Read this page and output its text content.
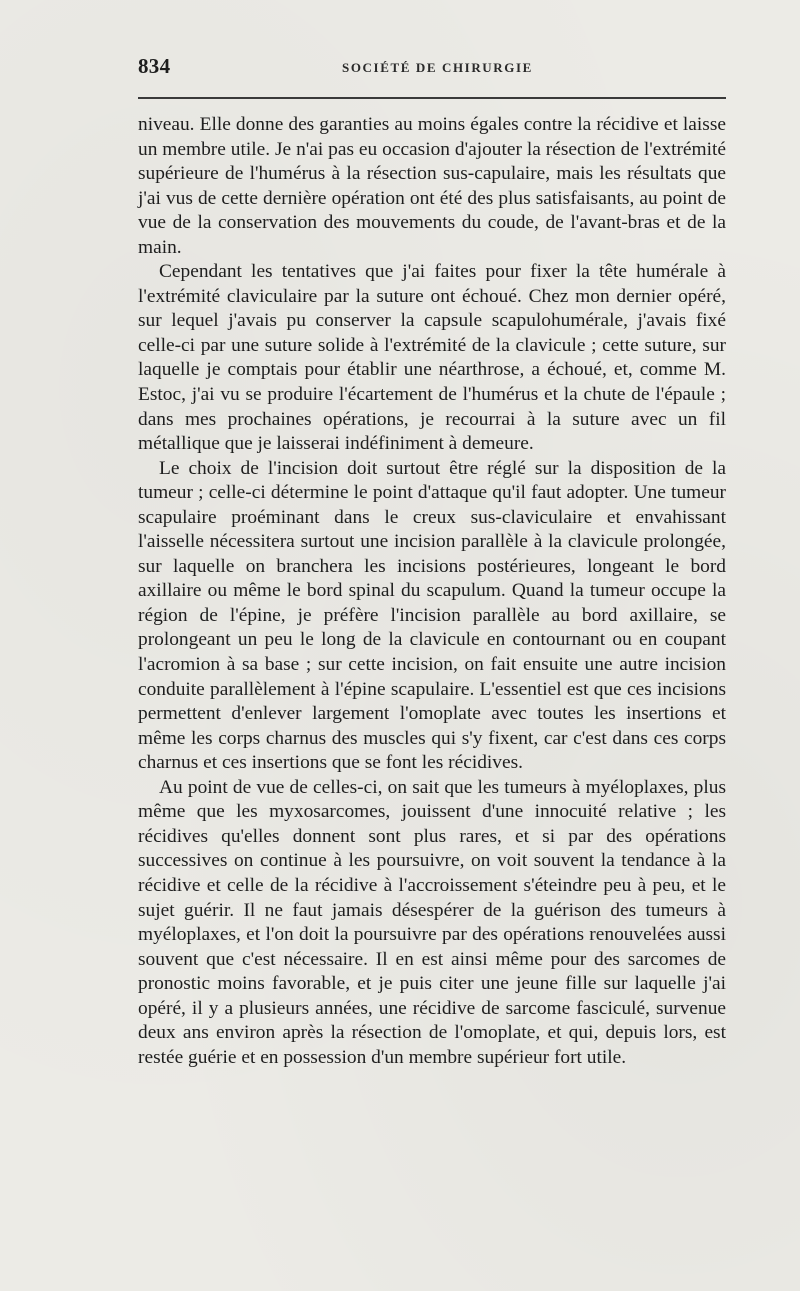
834	SOCIÉTÉ DE CHIRURGIE

niveau. Elle donne des garanties au moins égales contre la récidive et laisse un membre utile. Je n'ai pas eu occasion d'ajouter la résection de l'extrémité supérieure de l'humérus à la résection sus-capulaire, mais les résultats que j'ai vus de cette dernière opération ont été des plus satisfaisants, au point de vue de la conservation des mouvements du coude, de l'avant-bras et de la main.

Cependant les tentatives que j'ai faites pour fixer la tête humérale à l'extrémité claviculaire par la suture ont échoué. Chez mon dernier opéré, sur lequel j'avais pu conserver la capsule scapulohumérale, j'avais fixé celle-ci par une suture solide à l'extrémité de la clavicule ; cette suture, sur laquelle je comptais pour établir une néarthrose, a échoué, et, comme M. Estoc, j'ai vu se produire l'écartement de l'humérus et la chute de l'épaule ; dans mes prochaines opérations, je recourrai à la suture avec un fil métallique que je laisserai indéfiniment à demeure.

Le choix de l'incision doit surtout être réglé sur la disposition de la tumeur ; celle-ci détermine le point d'attaque qu'il faut adopter. Une tumeur scapulaire proéminant dans le creux sus-claviculaire et envahissant l'aisselle nécessitera surtout une incision parallèle à la clavicule prolongée, sur laquelle on branchera les incisions postérieures, longeant le bord axillaire ou même le bord spinal du scapulum. Quand la tumeur occupe la région de l'épine, je préfère l'incision parallèle au bord axillaire, se prolongeant un peu le long de la clavicule en contournant ou en coupant l'acromion à sa base ; sur cette incision, on fait ensuite une autre incision conduite parallèlement à l'épine scapulaire. L'essentiel est que ces incisions permettent d'enlever largement l'omoplate avec toutes les insertions et même les corps charnus des muscles qui s'y fixent, car c'est dans ces corps charnus et ces insertions que se font les récidives.

Au point de vue de celles-ci, on sait que les tumeurs à myéloplaxes, plus même que les myxosarcomes, jouissent d'une innocuité relative ; les récidives qu'elles donnent sont plus rares, et si par des opérations successives on continue à les poursuivre, on voit souvent la tendance à la récidive et celle de la récidive à l'accroissement s'éteindre peu à peu, et le sujet guérir. Il ne faut jamais désespérer de la guérison des tumeurs à myéloplaxes, et l'on doit la poursuivre par des opérations renouvelées aussi souvent que c'est nécessaire. Il en est ainsi même pour des sarcomes de pronostic moins favorable, et je puis citer une jeune fille sur laquelle j'ai opéré, il y a plusieurs années, une récidive de sarcome fasciculé, survenue deux ans environ après la résection de l'omoplate, et qui, depuis lors, est restée guérie et en possession d'un membre supérieur fort utile.
